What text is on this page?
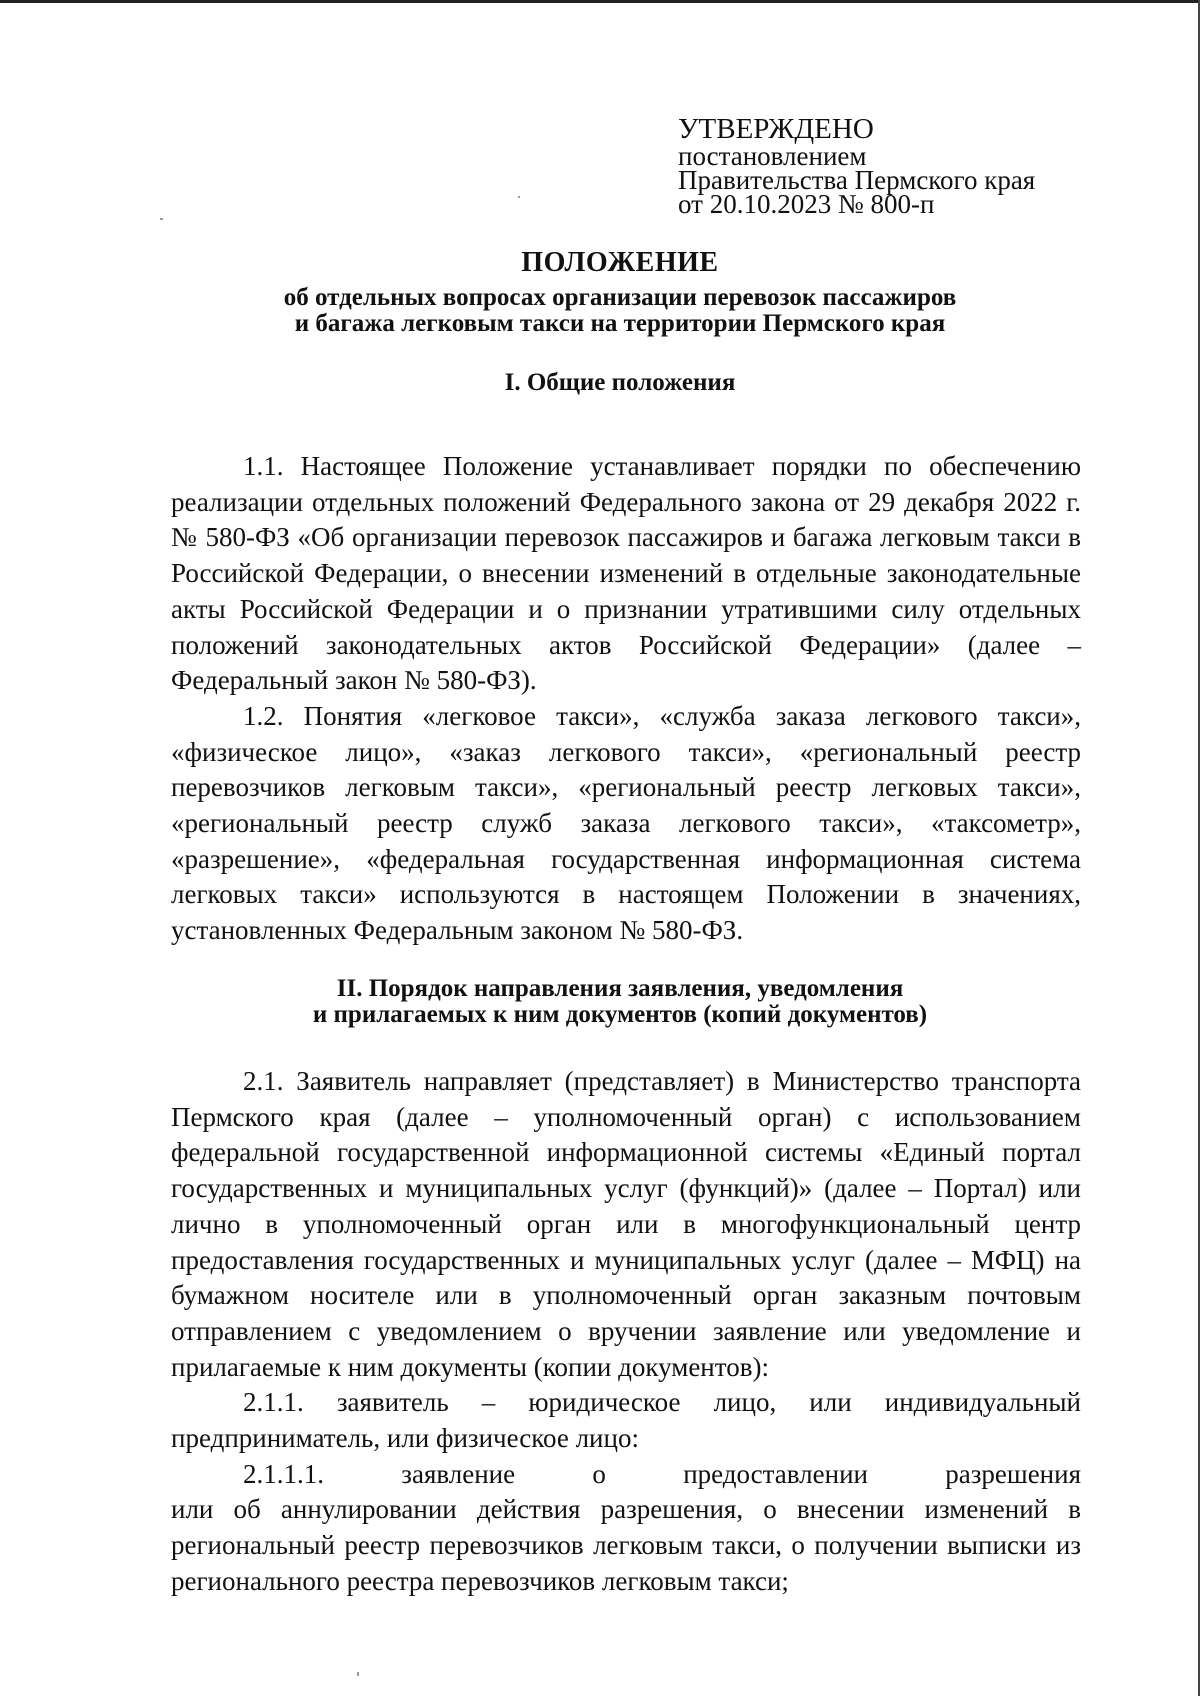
УТВЕРЖДЕНО
постановлением
Правительства Пермского края
от 20.10.2023 № 800-п
ПОЛОЖЕНИЕ
об отдельных вопросах организации перевозок пассажиров
и багажа легковым такси на территории Пермского края
I. Общие положения

1.1. Настоящее Положение устанавливает порядки по обеспечению реализации отдельных положений Федерального закона от 29 декабря 2022 г. № 580-ФЗ «Об организации перевозок пассажиров и багажа легковым такси в Российской Федерации, о внесении изменений в отдельные законодательные акты Российской Федерации и о признании утратившими силу отдельных положений законодательных актов Российской Федерации» (далее – Федеральный закон № 580-ФЗ).

1.2. Понятия «легковое такси», «служба заказа легкового такси», «физическое лицо», «заказ легкового такси», «региональный реестр перевозчиков легковым такси», «региональный реестр легковых такси», «региональный реестр служб заказа легкового такси», «таксометр», «разрешение», «федеральная государственная информационная система легковых такси» используются в настоящем Положении в значениях, установленных Федеральным законом № 580-ФЗ.

II. Порядок направления заявления, уведомления
и прилагаемых к ним документов (копий документов)

2.1. Заявитель направляет (представляет) в Министерство транспорта Пермского края (далее – уполномоченный орган) с использованием федеральной государственной информационной системы «Единый портал государственных и муниципальных услуг (функций)» (далее – Портал) или лично в уполномоченный орган или в многофункциональный центр предоставления государственных и муниципальных услуг (далее – МФЦ) на бумажном носителе или в уполномоченный орган заказным почтовым отправлением с уведомлением о вручении заявление или уведомление и прилагаемые к ним документы (копии документов):

2.1.1. заявитель – юридическое лицо, или индивидуальный предприниматель, или физическое лицо:

2.1.1.1. заявление о предоставлении разрешения

или об аннулировании действия разрешения, о внесении изменений в региональный реестр перевозчиков легковым такси, о получении выписки из регионального реестра перевозчиков легковым такси;
